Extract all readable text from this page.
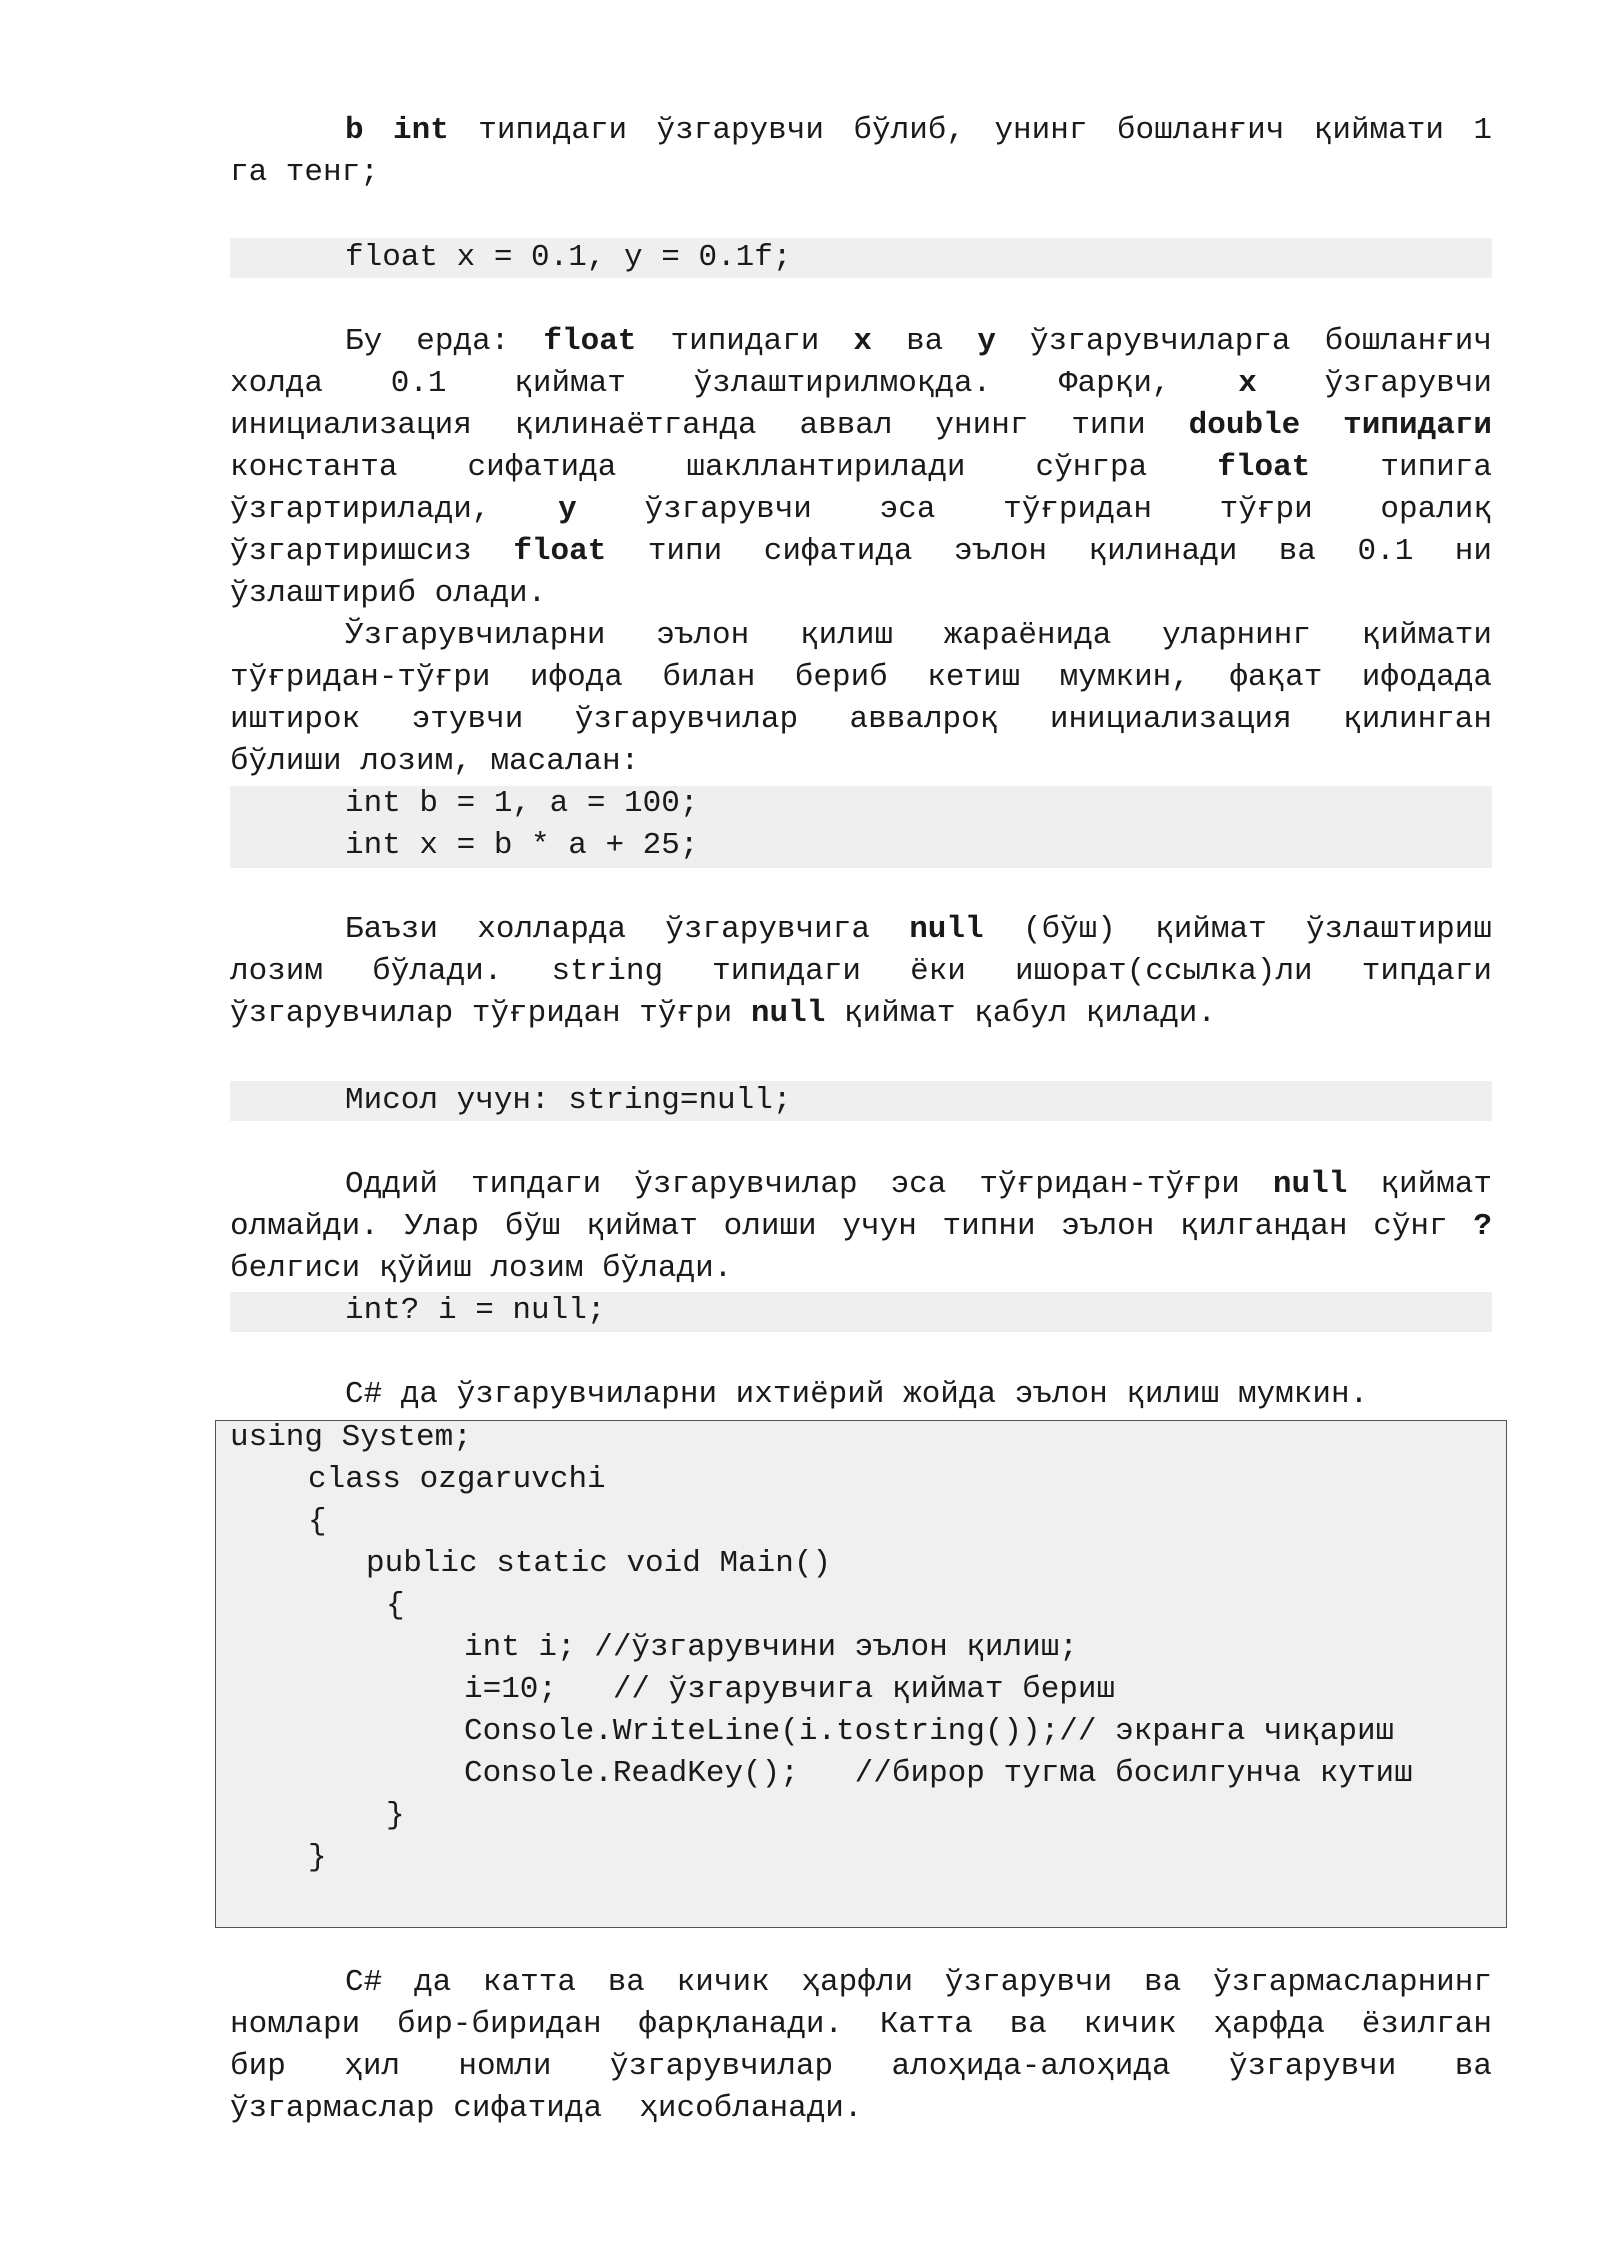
b int типидаги ўзгарувчи бўлиб, унинг бошланғич қиймати 1
га тенг;
float x = 0.1, y = 0.1f;
Бу ерда: float типидаги x ва y ўзгарувчиларга бошланғич
холда 0.1 қиймат ўзлаштирилмоқда. Фарқи, x ўзгарувчи
инициализация қилинаётганда аввал унинг типи double типидаги
константа сифатида шакллантирилади сўнгра float типига
ўзгартирилади, y ўзгарувчи эса тўғридан тўғри оралиқ
ўзгартиришсиз float типи сифатида эълон қилинади ва 0.1 ни
ўзлаштириб олади.
Ўзгарувчиларни эълон қилиш жараёнида уларнинг қиймати
тўғридан-тўғри ифода билан бериб кетиш мумкин, фақат ифодада
иштирок этувчи ўзгарувчилар аввалроқ инициализация қилинган
бўлиши лозим, масалан:
int b = 1, a = 100;
int x = b * a + 25;
Баъзи холларда ўзгарувчига null (бўш) қиймат ўзлаштириш
лозим бўлади. string типидаги ёки ишорат(ссылка)ли типдаги
ўзгарувчилар тўғридан тўғри null қиймат қабул қилади.
Мисол учун: string=null;
Оддий типдаги ўзгарувчилар эса тўғридан-тўғри null қиймат
олмайди. Улар бўш қиймат олиши учун типни эълон қилгандан сўнг ?
белгиси қўйиш лозим бўлади.
int? i = null;
C# да ўзгарувчиларни ихтиёрий жойда эълон қилиш мумкин.
using System;
class ozgaruvchi
{
public static void Main()
{
int i; //ўзгарувчини эълон қилиш;
i=10;   // ўзгарувчига қиймат бериш
Console.WriteLine(i.tostring());// экранга чиқариш
Console.ReadKey();   //бирор тугма босилгунча кутиш
}
}
C# да катта ва кичик ҳарфли ўзгарувчи ва ўзгармасларнинг
номлари бир-биридан фарқланади. Катта ва кичик ҳарфда ёзилган
бир ҳил номли ўзгарувчилар алоҳида-алоҳида ўзгарувчи ва
ўзгармаслар сифатида  ҳисобланади.
